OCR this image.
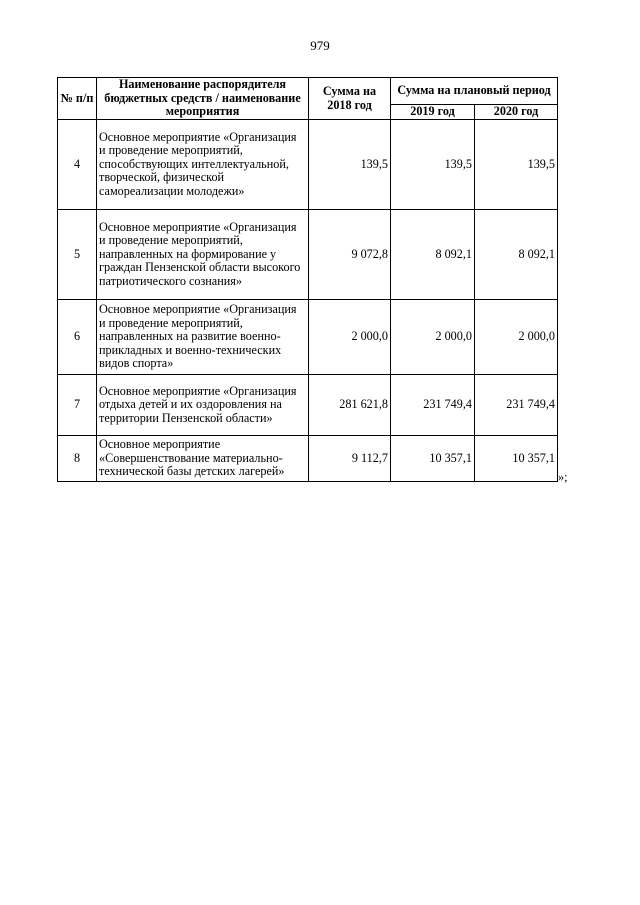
979
№ п/п	Наименование распорядителя бюджетных средств / наименование мероприятия	Сумма на 2018 год	Сумма на плановый период	
			2019 год	2020 год
4	Основное мероприятие «Организация и проведение мероприятий, способствующих интеллектуальной, творческой, физической самореализации молодежи»	139,5	139,5	139,5
5	Основное мероприятие «Организация и проведение мероприятий, направленных на формирование у граждан Пензенской области высокого патриотического сознания»	9 072,8	8 092,1	8 092,1
6	Основное мероприятие «Организация и проведение мероприятий, направленных на развитие военно-прикладных и военно-технических видов спорта»	2 000,0	2 000,0	2 000,0
7	Основное мероприятие «Организация отдыха детей и их оздоровления на территории Пензенской области»	281 621,8	231 749,4	231 749,4
8	Основное мероприятие «Совершенствование материально-технической базы детских лагерей»	9 112,7	10 357,1	10 357,1
»;
